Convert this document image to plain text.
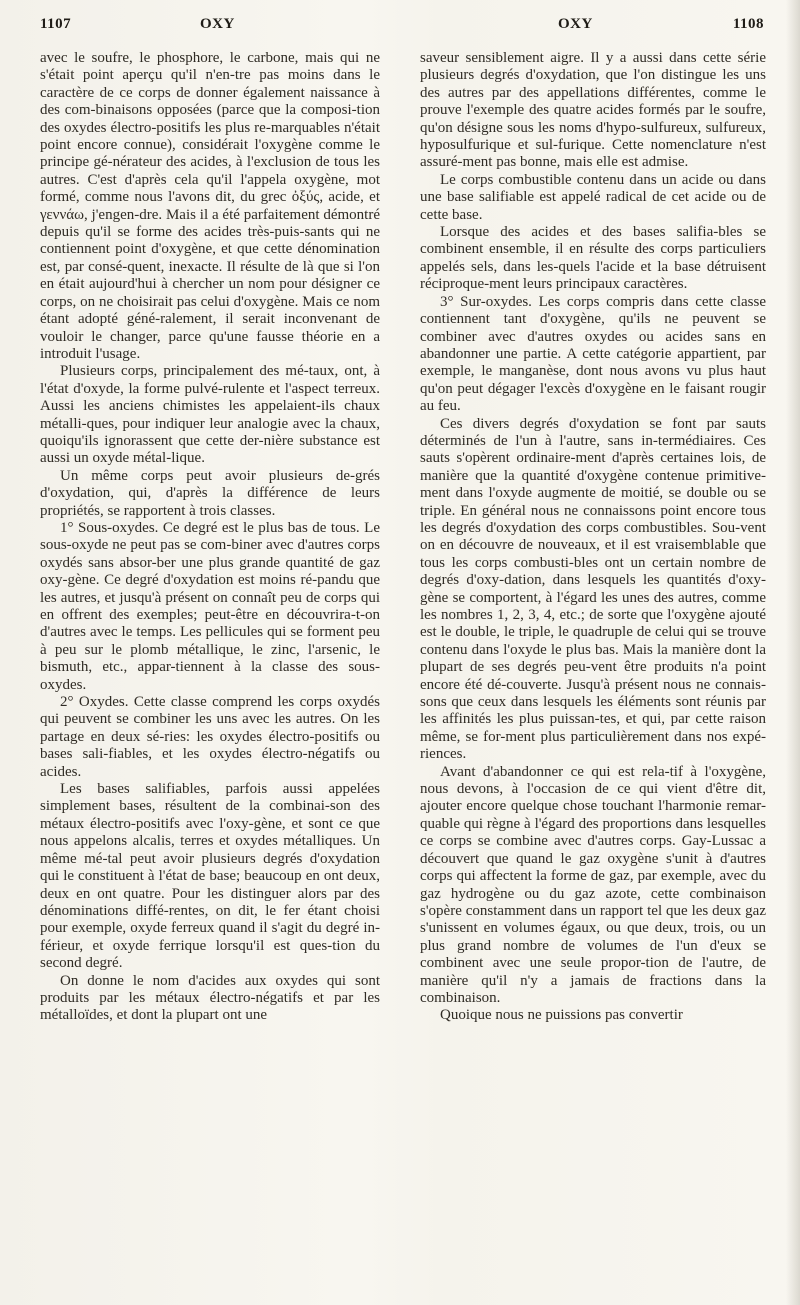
1107	OXY	OXY	1108

avec le soufre, le phosphore, le carbone, mais qui ne s'était point aperçu qu'il n'en-tre pas moins dans le caractère de ce corps de donner également naissance à des com-binaisons opposées (parce que la composi-tion des oxydes électro-positifs les plus re-marquables n'était point encore connue), considérait l'oxygène comme le principe gé-nérateur des acides, à l'exclusion de tous les autres. C'est d'après cela qu'il l'appela oxygène, mot formé, comme nous l'avons dit, du grec ὀξύς, acide, et γεννάω, j'engen-dre. Mais il a été parfaitement démontré depuis qu'il se forme des acides très-puis-sants qui ne contiennent point d'oxygène, et que cette dénomination est, par consé-quent, inexacte. Il résulte de là que si l'on en était aujourd'hui à chercher un nom pour désigner ce corps, on ne choisirait pas celui d'oxygène. Mais ce nom étant adopté géné-ralement, il serait inconvenant de vouloir le changer, parce qu'une fausse théorie en a introduit l'usage.

Plusieurs corps, principalement des mé-taux, ont, à l'état d'oxyde, la forme pulvé-rulente et l'aspect terreux. Aussi les anciens chimistes les appelaient-ils chaux métalli-ques, pour indiquer leur analogie avec la chaux, quoiqu'ils ignorassent que cette der-nière substance est aussi un oxyde métal-lique.

Un même corps peut avoir plusieurs de-grés d'oxydation, qui, d'après la différence de leurs propriétés, se rapportent à trois classes.

1° Sous-oxydes. Ce degré est le plus bas de tous. Le sous-oxyde ne peut pas se com-biner avec d'autres corps oxydés sans absor-ber une plus grande quantité de gaz oxy-gène. Ce degré d'oxydation est moins ré-pandu que les autres, et jusqu'à présent on connaît peu de corps qui en offrent des exemples; peut-être en découvrira-t-on d'autres avec le temps. Les pellicules qui se forment peu à peu sur le plomb métallique, le zinc, l'arsenic, le bismuth, etc., appar-tiennent à la classe des sous-oxydes.

2° Oxydes. Cette classe comprend les corps oxydés qui peuvent se combiner les uns avec les autres. On les partage en deux sé-ries: les oxydes électro-positifs ou bases sali-fiables, et les oxydes électro-négatifs ou acides.

Les bases salifiables, parfois aussi appelées simplement bases, résultent de la combinai-son des métaux électro-positifs avec l'oxy-gène, et sont ce que nous appelons alcalis, terres et oxydes métalliques. Un même mé-tal peut avoir plusieurs degrés d'oxydation qui le constituent à l'état de base; beaucoup en ont deux, deux en ont quatre. Pour les distinguer alors par des dénominations diffé-rentes, on dit, le fer étant choisi pour exemple, oxyde ferreux quand il s'agit du degré in-férieur, et oxyde ferrique lorsqu'il est ques-tion du second degré.

On donne le nom d'acides aux oxydes qui sont produits par les métaux électro-négatifs et par les métalloïdes, et dont la plupart ont une

saveur sensiblement aigre. Il y a aussi dans cette série plusieurs degrés d'oxydation, que l'on distingue les uns des autres par des appellations différentes, comme le prouve l'exemple des quatre acides formés par le soufre, qu'on désigne sous les noms d'hypo-sulfureux, sulfureux, hyposulfurique et sul-furique. Cette nomenclature n'est assuré-ment pas bonne, mais elle est admise.

Le corps combustible contenu dans un acide ou dans une base salifiable est appelé radical de cet acide ou de cette base.

Lorsque des acides et des bases salifia-bles se combinent ensemble, il en résulte des corps particuliers appelés sels, dans les-quels l'acide et la base détruisent réciproque-ment leurs principaux caractères.

3° Sur-oxydes. Les corps compris dans cette classe contiennent tant d'oxygène, qu'ils ne peuvent se combiner avec d'autres oxydes ou acides sans en abandonner une partie. A cette catégorie appartient, par exemple, le manganèse, dont nous avons vu plus haut qu'on peut dégager l'excès d'oxygène en le faisant rougir au feu.

Ces divers degrés d'oxydation se font par sauts déterminés de l'un à l'autre, sans in-termédiaires. Ces sauts s'opèrent ordinaire-ment d'après certaines lois, de manière que la quantité d'oxygène contenue primitive-ment dans l'oxyde augmente de moitié, se double ou se triple. En général nous ne connaissons point encore tous les degrés d'oxydation des corps combustibles. Sou-vent on en découvre de nouveaux, et il est vraisemblable que tous les corps combusti-bles ont un certain nombre de degrés d'oxy-dation, dans lesquels les quantités d'oxy-gène se comportent, à l'égard les unes des autres, comme les nombres 1, 2, 3, 4, etc.; de sorte que l'oxygène ajouté est le double, le triple, le quadruple de celui qui se trouve contenu dans l'oxyde le plus bas. Mais la manière dont la plupart de ses degrés peu-vent être produits n'a point encore été dé-couverte. Jusqu'à présent nous ne connais-sons que ceux dans lesquels les éléments sont réunis par les affinités les plus puissan-tes, et qui, par cette raison même, se for-ment plus particulièrement dans nos expé-riences.

Avant d'abandonner ce qui est rela-tif à l'oxygène, nous devons, à l'occasion de ce qui vient d'être dit, ajouter encore quelque chose touchant l'harmonie remar-quable qui règne à l'égard des proportions dans lesquelles ce corps se combine avec d'autres corps. Gay-Lussac a découvert que quand le gaz oxygène s'unit à d'autres corps qui affectent la forme de gaz, par exemple, avec du gaz hydrogène ou du gaz azote, cette combinaison s'opère constamment dans un rapport tel que les deux gaz s'unissent en volumes égaux, ou que deux, trois, ou un plus grand nombre de volumes de l'un d'eux se combinent avec une seule propor-tion de l'autre, de manière qu'il n'y a jamais de fractions dans la combinaison.

Quoique nous ne puissions pas convertir
